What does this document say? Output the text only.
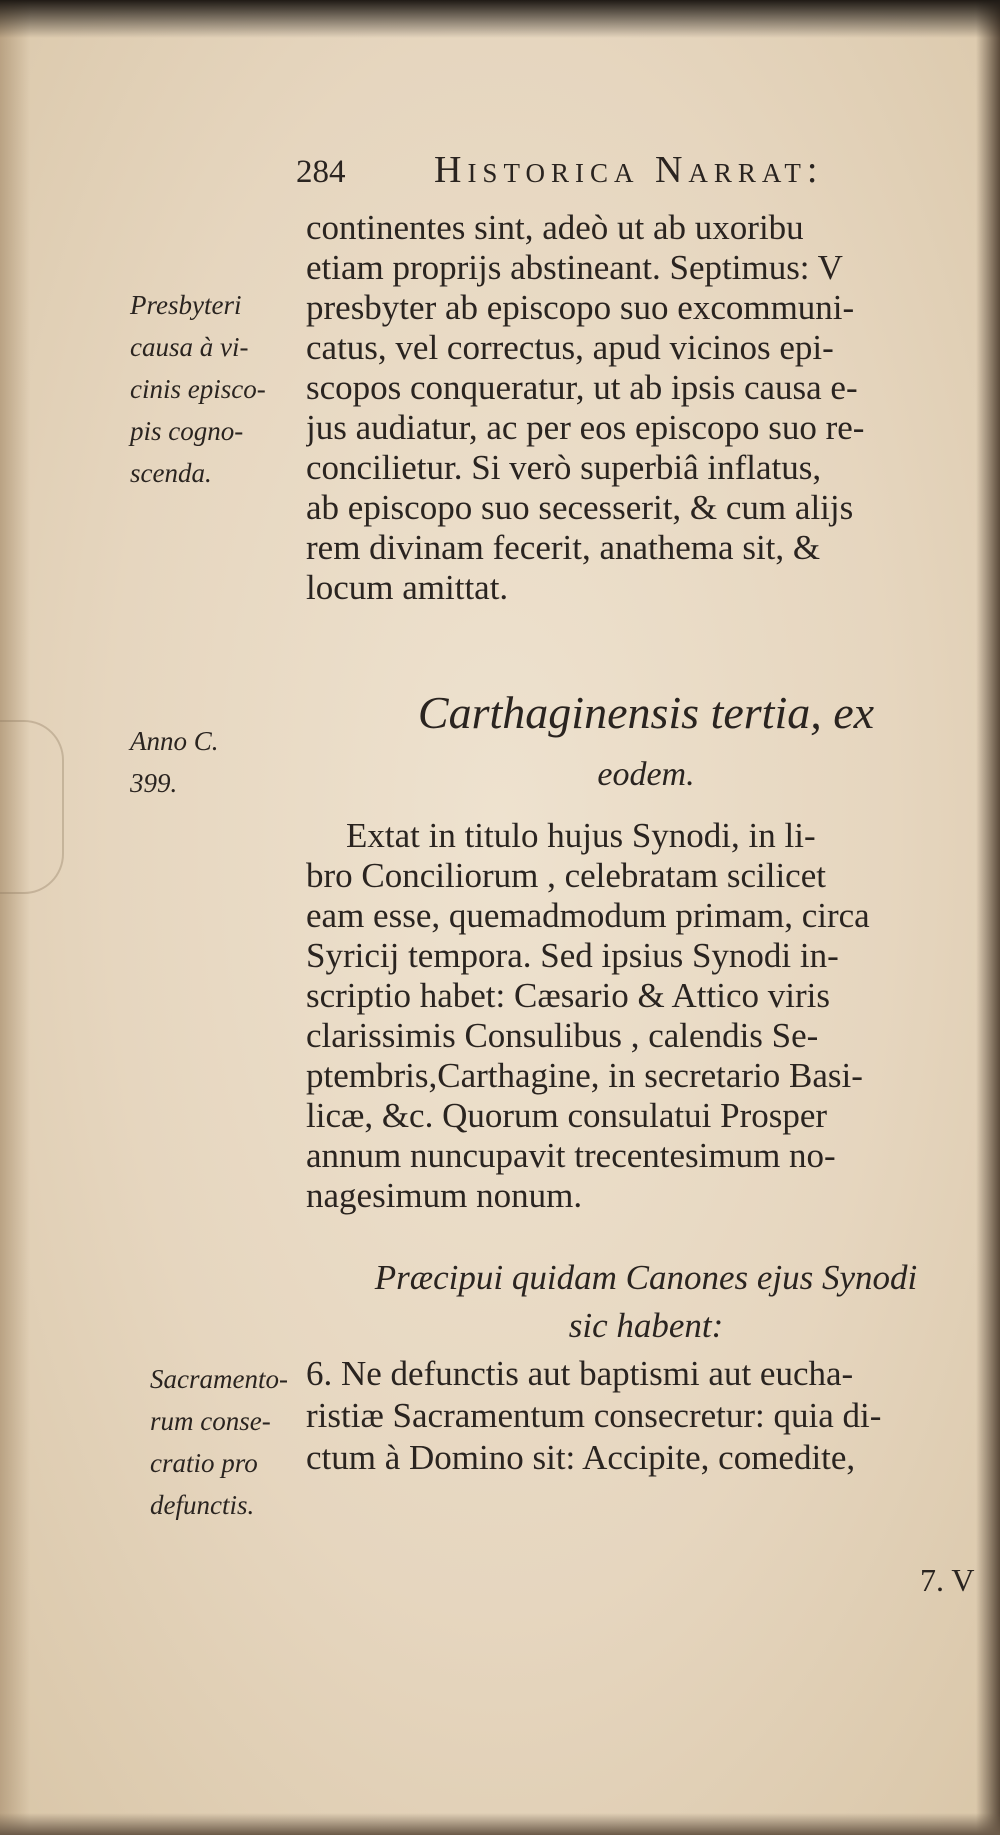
284 Historica Narrat:
continentes sint, adeò ut ab uxoribu
etiam proprijs abstineant. Septimus: V
presbyter ab episcopo suo excommuni-
catus, vel correctus, apud vicinos epi-
scopos conqueratur, ut ab ipsis causa e-
jus audiatur, ac per eos episcopo suo re-
concilietur. Si verò superbiâ inflatus,
ab episcopo suo secesserit, & cum alijs
rem divinam fecerit, anathema sit, &
locum amittat.
Carthaginensis tertia, ex
eodem.
Extat in titulo hujus Synodi, in li-
bro Conciliorum , celebratam scilicet
eam esse, quemadmodum primam, circa
Syricij tempora. Sed ipsius Synodi in-
scriptio habet: Cæsario & Attico viris
clarissimis Consulibus , calendis Se-
ptembris,Carthagine, in secretario Basi-
licæ, &c. Quorum consulatui Prosper
annum nuncupavit trecentesimum no-
nagesimum nonum.
Præcipui quidam Canones ejus Synodi
sic habent:
6. Ne defunctis aut baptismi aut eucha-
ristiæ Sacramentum consecretur: quia di-
ctum à Domino sit: Accipite, comedite,
7. V
Presbyteri
causa à vi-
cinis episco-
pis cogno-
scenda.
Anno C.
399.
Sacramento-
rum conse-
cratio pro
defunctis.
